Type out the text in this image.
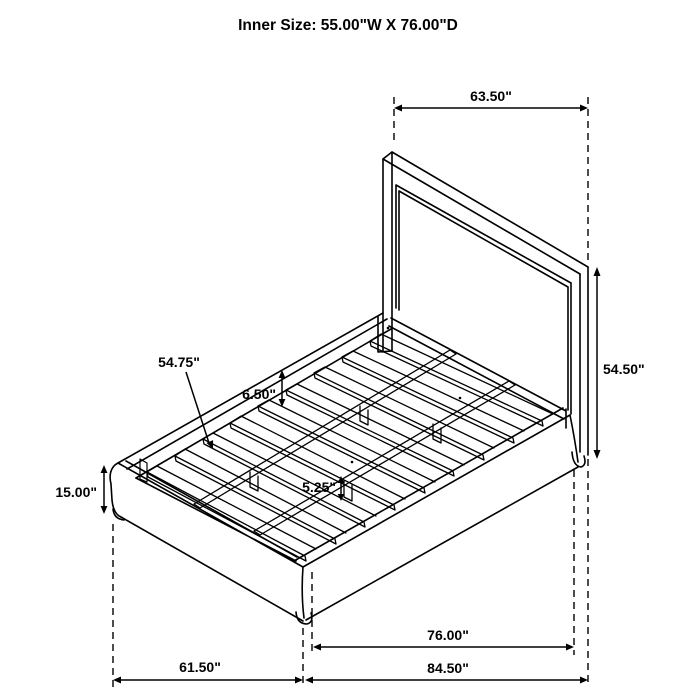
Inner Size: 55.00"W X 76.00"D
63.50"
54.50"
54.75"
6.50"
5.25"
15.00"
61.50"
76.00"
84.50"
